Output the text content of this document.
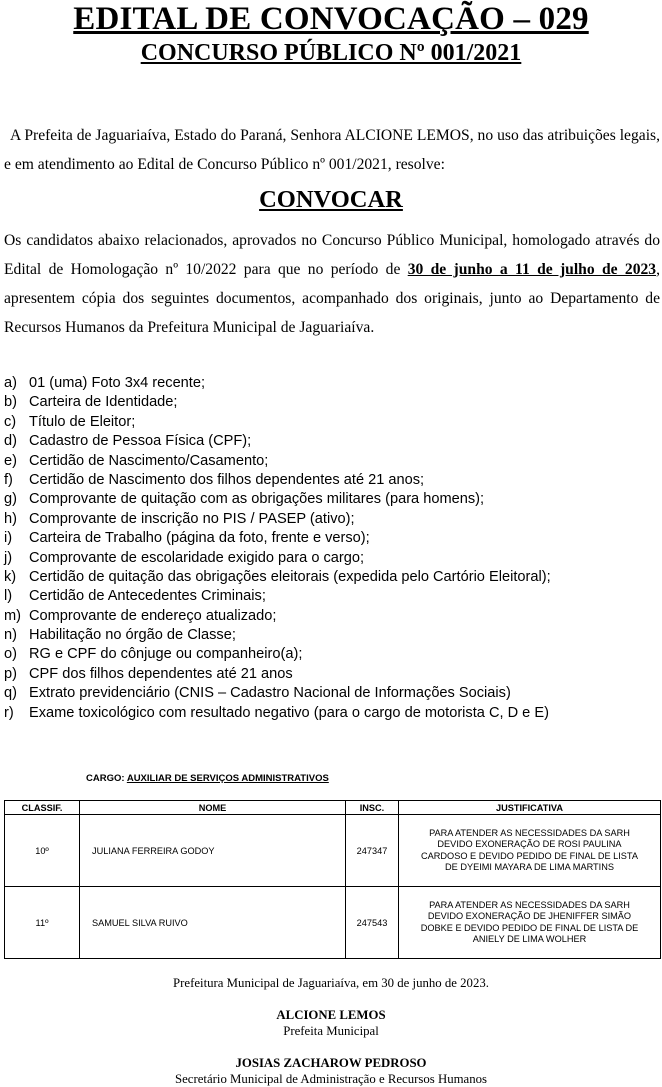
EDITAL DE CONVOCAÇÃO – 029
CONCURSO PÚBLICO Nº 001/2021
A Prefeita de Jaguariaíva, Estado do Paraná, Senhora ALCIONE LEMOS, no uso das atribuições legais, e em atendimento ao Edital de Concurso Público nº 001/2021, resolve:
CONVOCAR
Os candidatos abaixo relacionados, aprovados no Concurso Público Municipal, homologado através do Edital de Homologação nº 10/2022 para que no período de 30 de junho a 11 de julho de 2023, apresentem cópia dos seguintes documentos, acompanhado dos originais, junto ao Departamento de Recursos Humanos da Prefeitura Municipal de Jaguariaíva.
a) 01 (uma) Foto 3x4 recente;
b) Carteira de Identidade;
c) Título de Eleitor;
d) Cadastro de Pessoa Física (CPF);
e) Certidão de Nascimento/Casamento;
f)	Certidão de Nascimento dos filhos dependentes até 21 anos;
g) Comprovante de quitação com as obrigações militares (para homens);
h) Comprovante de inscrição no PIS / PASEP (ativo);
i)	Carteira de Trabalho (página da foto, frente e verso);
j)	Comprovante de escolaridade exigido para o cargo;
k) Certidão de quitação das obrigações eleitorais (expedida pelo Cartório Eleitoral);
l)	Certidão de Antecedentes Criminais;
m) Comprovante de endereço atualizado;
n) Habilitação no órgão de Classe;
o) RG e CPF do cônjuge ou companheiro(a);
p) CPF dos filhos dependentes até 21 anos
q) Extrato previdenciário (CNIS – Cadastro Nacional de Informações Sociais)
r)	Exame toxicológico com resultado negativo (para o cargo de motorista C, D e E)
CARGO: AUXILIAR DE SERVIÇOS ADMINISTRATIVOS
CLASSIF.	NOME	INSC.	JUSTIFICATIVA
10º	JULIANA FERREIRA GODOY	247347	PARA ATENDER AS NECESSIDADES DA SARH
DEVIDO EXONERAÇÃO DE ROSI PAULINA
CARDOSO E DEVIDO PEDIDO DE FINAL DE LISTA
DE DYEIMI MAYARA DE LIMA MARTINS

11º	SAMUEL SILVA RUIVO	247543	PARA ATENDER AS NECESSIDADES DA SARH
DEVIDO EXONERAÇÃO DE JHENIFFER SIMÃO
DOBKE E DEVIDO PEDIDO DE FINAL DE LISTA DE
ANIELY DE LIMA WOLHER
Prefeitura Municipal de Jaguariaíva, em 30 de junho de 2023.
ALCIONE LEMOS
Prefeita Municipal
JOSIAS ZACHAROW PEDROSO
Secretário Municipal de Administração e Recursos Humanos
